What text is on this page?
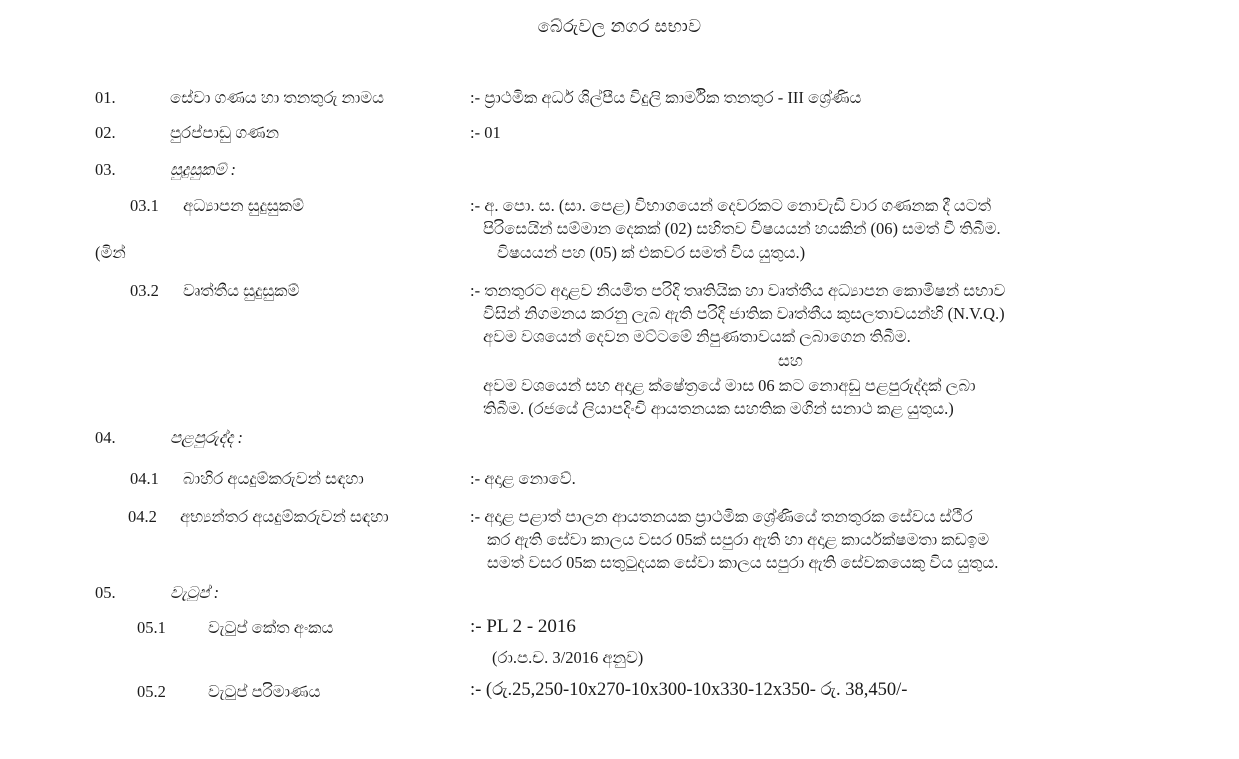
බේරුවල නගර සභාව
01.	සේවා ගණය හා තනතුරු නාමය	:- ප්‍රාථමික අර්ධ ශිල්පීය විදුලි කාර්මික තනතුර - III ශ්‍රේණිය
02.	පුරප්පාඩු ගණන	:- 01
03.	සුදුසුකම් :
03.1 අධ්‍යාපන සුදුසුකම්	:- අ. පො. ස. (සා. පෙළ) විභාගයෙන් දෙවරකට නොවැඩි වාර ගණනක දී යටත්
පිරිසෙයින් සම්මාන දෙකක් (02) සහිතව විෂයයන් හයකින් (06) සමත් වී තිබීම.
විෂයයන් පහ (05) ක් එකවර සමත් විය යුතුය.)
(මින්
03.2 වෘත්තීය සුදුසුකම්	:- තනතුරට අදාළව නියමිත පරිදි තෘතියික හා වෘත්තීය අධ්‍යාපන කොමිෂන් සභාව
විසින් නිගමනය කරනු ලැබ ඇති පරිදි ජාතික වෘත්තීය කුසලතාවයන්හි (N.V.Q.)
අවම වශයෙන් දෙවන මට්ටමේ නිපුණතාවයක් ලබාගෙන තිබීම.
සහ
අවම වශයෙන් සහ අදාළ ක්ෂේත්‍රයේ මාස 06 කට නොඅඩු පළපුරුද්දක් ලබා
තිබීම. (රජයේ ලියාපදිංචි ආයතනයක සහතික මගින් සනාථ කළ යුතුය.)
04.	පළපුරුද්ද :
04.1 බාහිර අයදුම්කරුවන් සඳහා	:- අදාළ නොවේ.
04.2 අභ්‍යන්තර අයදුම්කරුවන් සඳහා	:- අදාළ පළාත් පාලන ආයතනයක ප්‍රාථමික ශ්‍රේණියේ තනතුරක සේවය ස්ථීර
කර ඇති සේවා කාලය වසර 05ක් සපුරා ඇති හා අදාළ කාර්යක්ෂමතා කඩඉම
සමත් වසර 05ක සතුටුදයක සේවා කාලය සපුරා ඇති සේවකයෙකු විය යුතුය.
05.	වැටුප් :
05.1	වැටුප් කේත අංකය	:- PL 2 - 2016
(රා.ප.ච. 3/2016 අනුව)
05.2	වැටුප් පරිමාණය	:- (රු.25,250-10x270-10x300-10x330-12x350- රු. 38,450/-
